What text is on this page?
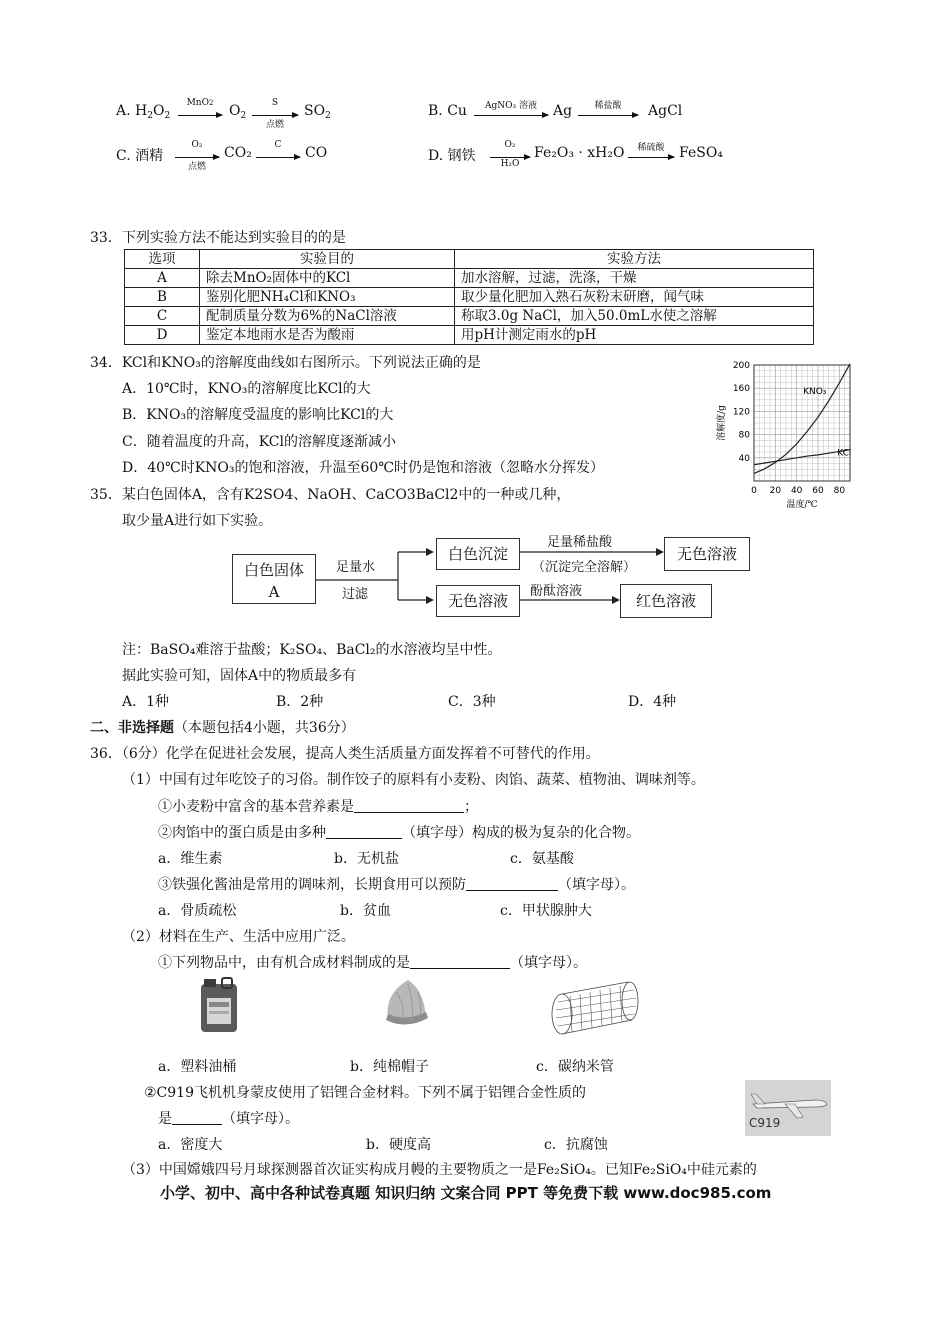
A. $H_2O_2$
MnO2	$O_2$
S
点燃
$SO_2$	B. Cu	AgNO₃ 溶液	Ag	稀盐酸	AgCl
C. 酒精
O₂
点燃
CO₂	C	CO	D. 钢铁
O₂
H₂O
Fe₂O₃ · xH₂O	稀硫酸	FeSO₄
33．下列实验方法不能达到实验目的的是
选项	实验目的	实验方法
A	除去MnO₂固体中的KCl	加水溶解，过滤，洗涤，干燥
B	鉴别化肥NH₄Cl和KNO₃	取少量化肥加入熟石灰粉末研磨，闻气味
C	配制质量分数为6%的NaCl溶液	称取3.0g NaCl，加入50.0mL水使之溶解
D	鉴定本地雨水是否为酸雨	用pH计测定雨水的pH
34．KCl和KNO₃的溶解度曲线如右图所示。下列说法正确的是
A．10℃时，KNO₃的溶解度比KCl的大
B．KNO₃的溶解度受温度的影响比KCl的大
C．随着温度的升高，KCl的溶解度逐渐减小
D．40℃时KNO₃的饱和溶液，升温至60℃时仍是饱和溶液（忽略水分挥发）
40
80
120
160
200
0 20 40 60 80
溶解度/g
温度/℃
KNO₃
KCl
35．某白色固体A，含有K2SO4、NaOH、CaCO3BaCl2中的一种或几种，
取少量A进行如下实验。
白色固体
A
足量水
过滤
白色沉淀
足量稀盐酸
（沉淀完全溶解）
无色溶液
无色溶液
酚酞溶液
红色溶液
注：BaSO₄难溶于盐酸；K₂SO₄、BaCl₂的水溶液均呈中性。
据此实验可知，固体A中的物质最多有
A．1种	B．2种	C．3种	D．4种
二、非选择题（本题包括4小题，共36分）
36．（6分）化学在促进社会发展，提高人类生活质量方面发挥着不可替代的作用。
（1）中国有过年吃饺子的习俗。制作饺子的原料有小麦粉、肉馅、蔬菜、植物油、调味剂等。
①小麦粉中富含的基本营养素是	；
②肉馅中的蛋白质是由多种	（填字母）构成的极为复杂的化合物。
a．维生素	b．无机盐	c．氨基酸
③铁强化酱油是常用的调味剂，长期食用可以预防	（填字母）。
a．骨质疏松	b．贫血	c．甲状腺肿大
（2）材料在生产、生活中应用广泛。
①下列物品中，由有机合成材料制成的是	（填字母）。
a．塑料油桶	b．纯棉帽子	c．碳纳米管
②C919飞机机身蒙皮使用了铝锂合金材料。下列不属于铝锂合金性质的
是	（填字母）。
a．密度大	b．硬度高	c．抗腐蚀
C919
（3）中国嫦娥四号月球探测器首次证实构成月幔的主要物质之一是Fe₂SiO₄。已知Fe₂SiO₄中硅元素的
小学、初中、高中各种试卷真题 知识归纳 文案合同 PPT 等免费下载 www.doc985.com
